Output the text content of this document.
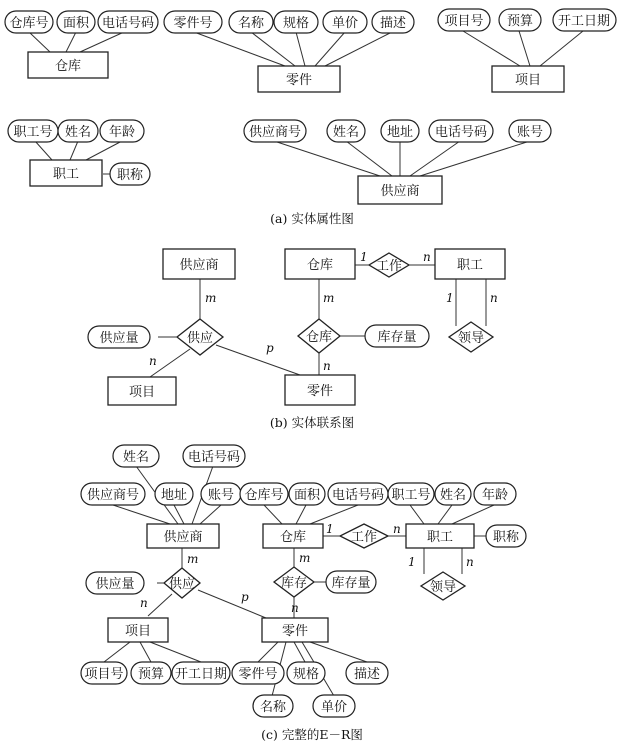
仓库
仓库号 面积 电话号码
零件
零件号 名称 规格 单价 描述
项目
项目号 预算 开工日期
职工
职工号 姓名 年龄
职称
供应商
供应商号 姓名 地址 电话号码 账号
(a) 实体属性图
供应商	仓库	职工
项目	零件
供应	仓库
工作
领导
供应量	库存量
m
n
p
m
n
1	n
1	n
(b) 实体联系图
供应商	仓库	职工
项目	零件
供应	库存
工作
领导
姓名	电话号码
供应商号 地址 账号 仓库号 面积 电话号码 职工号 姓名 年龄
职称
供应量	库存量
项目号 预算 开工日期 零件号 规格	描述
名称	单价
m
n	p
m
n
1	n
1	n
(c) 完整的E－R图
